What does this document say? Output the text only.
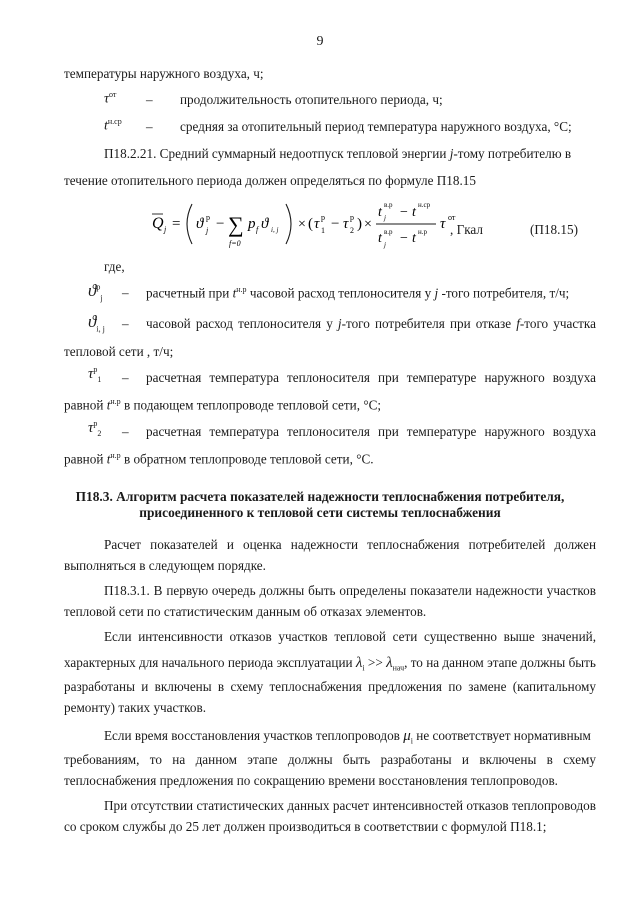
9
температуры наружного воздуха, ч;
$\tau^{от}$ – продолжительность отопительного периода, ч;
$t^{н.ср}$ – средняя за отопительный период температура наружного воздуха, °С;
П18.2.21. Средний суммарный недоотпуск тепловой энергии j-тому потребителю в
течение отопительного периода должен определяться по формуле П18.15
Q j = ϑ р
j − ∑
f=0
p f ϑ i, j × ( τ р
1 − τ р
2 ) ×
t в.р
j − t н.ср
t в.р
j − t н.р τ от
, Гкал	(П18.15)
где,
$ϑ^р_j$ – расчетный при $t^{н.р}$ часовой расход теплоносителя у j -того потребителя, т/ч;
$ϑ_{i, j}$ – часовой расход теплоносителя у j-того потребителя при отказе f-того участка
тепловой сети , т/ч;
$\tau^р_1$ – расчетная температура теплоносителя при температуре наружного воздуха
равной $t^{н.р}$ в подающем теплопроводе тепловой сети, °С;
$\tau^р_2$ – расчетная температура теплоносителя при температуре наружного воздуха
равной $t^{н.р}$ в обратном теплопроводе тепловой сети, °С.
П18.3. Алгоритм расчета показателей надежности теплоснабжения потребителя,
присоединенного к тепловой сети системы теплоснабжения
Расчет показателей и оценка надежности теплоснабжения потребителей должен
выполняться в следующем порядке.
П18.3.1. В первую очередь должны быть определены показатели надежности участков
тепловой сети по статистическим данным об отказах элементов.
Если интенсивности отказов участков тепловой сети существенно выше значений,
характерных для начального периода эксплуатации $\lambda_i >> \lambda_{нач}$, то на данном этапе должны быть
разработаны и включены в схему теплоснабжения предложения по замене (капитальному
ремонту) таких участков.
Если время восстановления участков теплопроводов $\mu_i$ не соответствует нормативным
требованиям, то на данном этапе должны быть разработаны и включены в схему
теплоснабжения предложения по сокращению времени восстановления теплопроводов.
При отсутствии статистических данных расчет интенсивностей отказов теплопроводов
со сроком службы до 25 лет должен производиться в соответствии с формулой П18.1;
